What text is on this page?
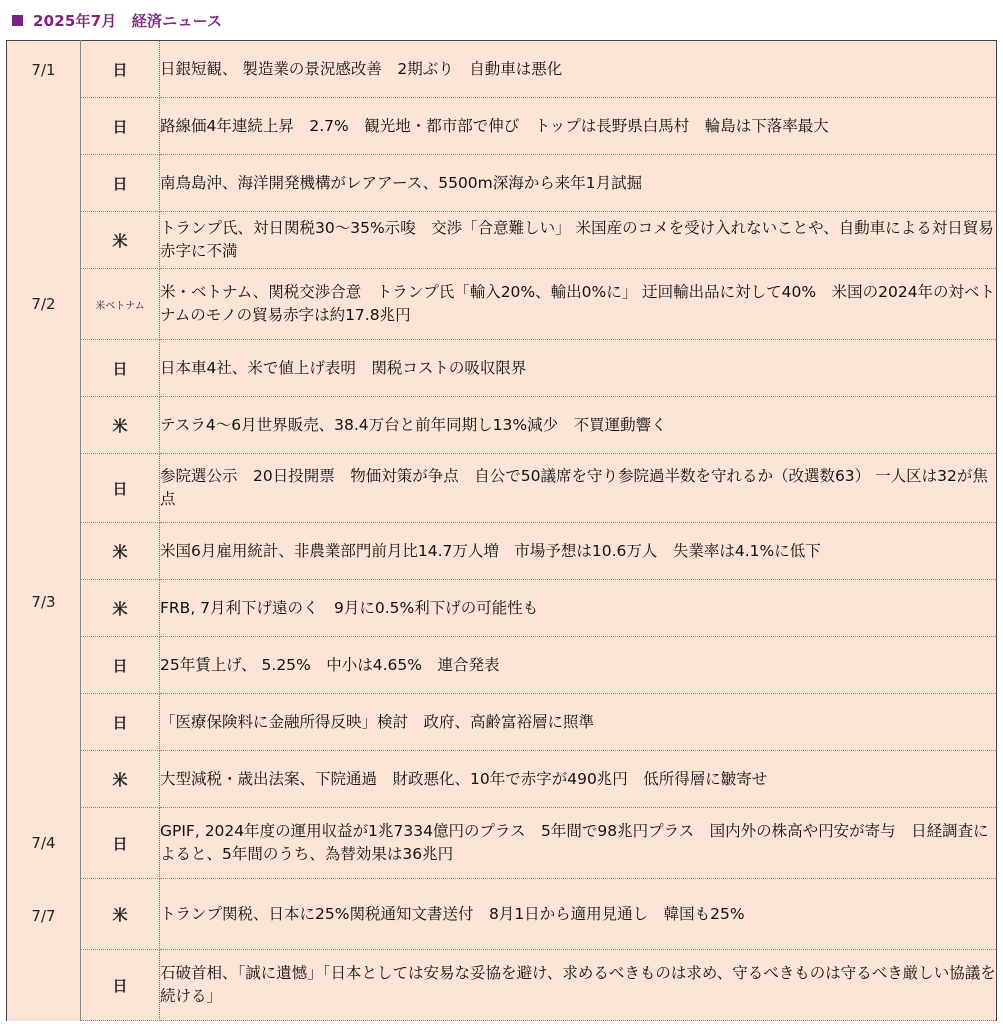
2025年7月　経済ニュース
7/1	日	日銀短観、 製造業の景況感改善　2期ぶり　自動車は悪化
	日	路線価4年連続上昇　2.7%　観光地・都市部で伸び　トップは長野県白馬村　輪島は下落率最大
	日	南鳥島沖、海洋開発機構がレアアース、5500m深海から来年1月試掘
7/2	米	トランプ氏、対日関税30〜35%示唆　交渉「合意難しい」 米国産のコメを受け入れないことや、自動車による対日貿易赤字に不満
	米ベトナム	米・ベトナム、関税交渉合意　トランプ氏「輸入20%、輸出0%に」 迂回輸出品に対して40%　米国の2024年の対ベトナムのモノの貿易赤字は約17.8兆円
	日	日本車4社、米で値上げ表明　関税コストの吸収限界
7/3	米	テスラ4〜6月世界販売、38.4万台と前年同期し13%減少　不買運動響く
	日	参院選公示　20日投開票　物価対策が争点　自公で50議席を守り参院過半数を守れるか（改選数63） 一人区は32が焦点
	米	米国6月雇用統計、非農業部門前月比14.7万人増　市場予想は10.6万人　失業率は4.1%に低下
	米	FRB, 7月利下げ遠のく　9月に0.5%利下げの可能性も
	日	25年賃上げ、 5.25%　中小は4.65%　連合発表
	日	「医療保険料に金融所得反映」検討　政府、高齢富裕層に照準
	米	大型減税・歳出法案、下院通過　財政悪化、10年で赤字が490兆円　低所得層に皺寄せ
7/4	日	GPIF, 2024年度の運用収益が1兆7334億円のプラス　5年間で98兆円プラス　国内外の株高や円安が寄与　日経調査によると、5年間のうち、為替効果は36兆円
7/7	米	トランプ関税、日本に25%関税通知文書送付　8月1日から適用見通し　韓国も25%
	日	石破首相、「誠に遺憾」「日本としては安易な妥協を避け、求めるべきものは求め、守るべきものは守るべき厳しい協議を続ける」
